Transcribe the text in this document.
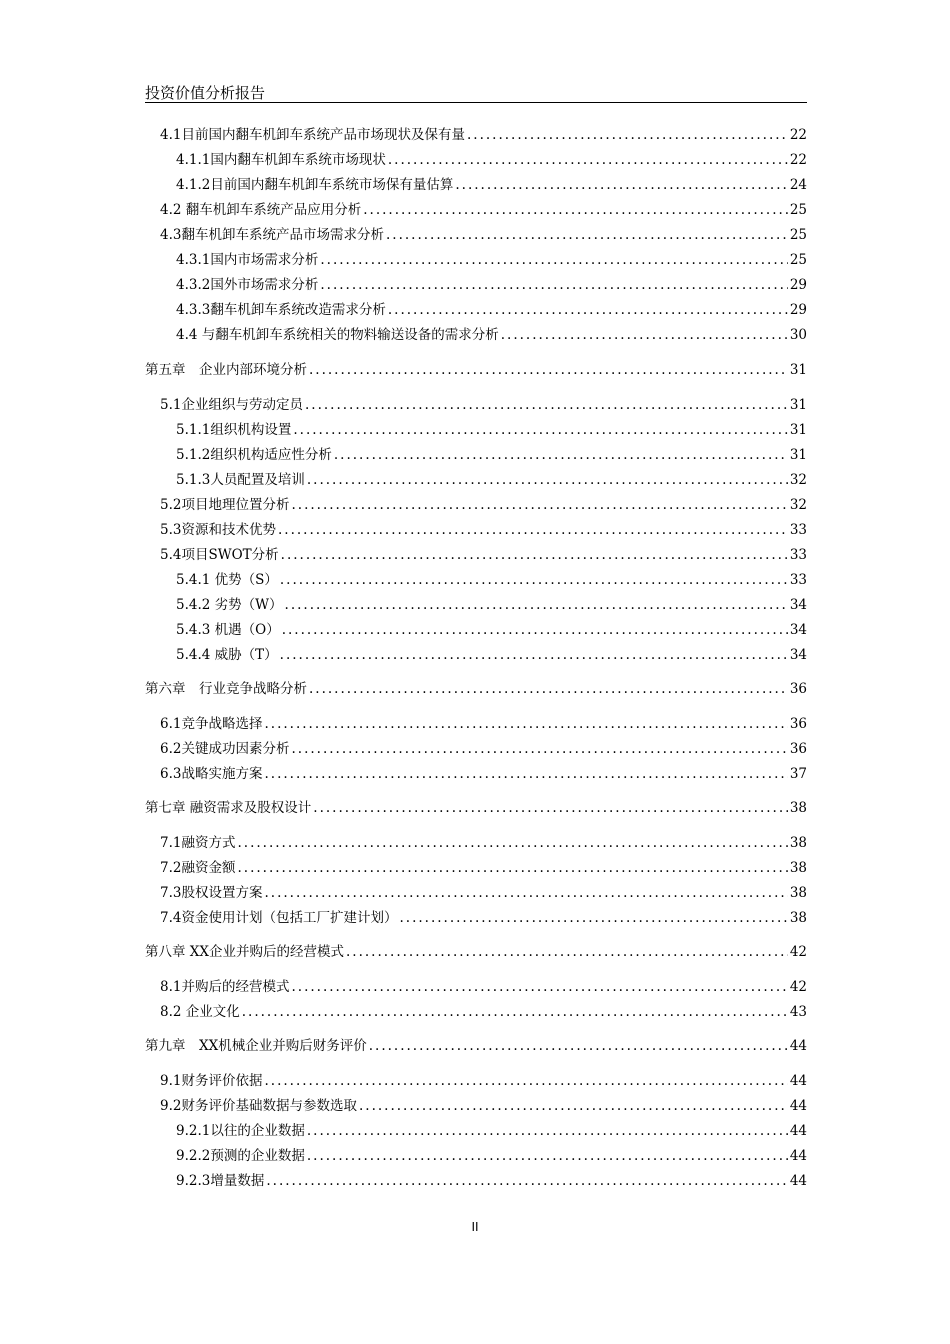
投资价值分析报告
4.1目前国内翻车机卸车系统产品市场现状及保有量 .....	22
4.1.1国内翻车机卸车系统市场现状 .....	22
4.1.2目前国内翻车机卸车系统市场保有量估算 .....	24
4.2 翻车机卸车系统产品应用分析 .....	25
4.3翻车机卸车系统产品市场需求分析 .....	25
4.3.1国内市场需求分析 .....	25
4.3.2国外市场需求分析 .....	29
4.3.3翻车机卸车系统改造需求分析 .....	29
4.4 与翻车机卸车系统相关的物料输送设备的需求分析 .....	30
第五章　企业内部环境分析 .....	31
5.1企业组织与劳动定员 .....	31
5.1.1组织机构设置 .....	31
5.1.2组织机构适应性分析 .....	31
5.1.3人员配置及培训 .....	32
5.2项目地理位置分析 .....	32
5.3资源和技术优势 .....	33
5.4项目SWOT分析 .....	33
5.4.1 优势（S） .....	33
5.4.2 劣势（W） .....	34
5.4.3 机遇（O） .....	34
5.4.4 威胁（T） .....	34
第六章　行业竞争战略分析 .....	36
6.1竞争战略选择 .....	36
6.2关键成功因素分析 .....	36
6.3战略实施方案 .....	37
第七章 融资需求及股权设计 .....	38
7.1融资方式 .....	38
7.2融资金额 .....	38
7.3股权设置方案 .....	38
7.4资金使用计划（包括工厂扩建计划） .....	38
第八章 XX企业并购后的经营模式 .....	42
8.1并购后的经营模式 .....	42
8.2 企业文化 .....	43
第九章　XX机械企业并购后财务评价 .....	44
9.1财务评价依据 .....	44
9.2财务评价基础数据与参数选取 .....	44
9.2.1以往的企业数据 .....	44
9.2.2预测的企业数据 .....	44
9.2.3增量数据 .....	44
II
